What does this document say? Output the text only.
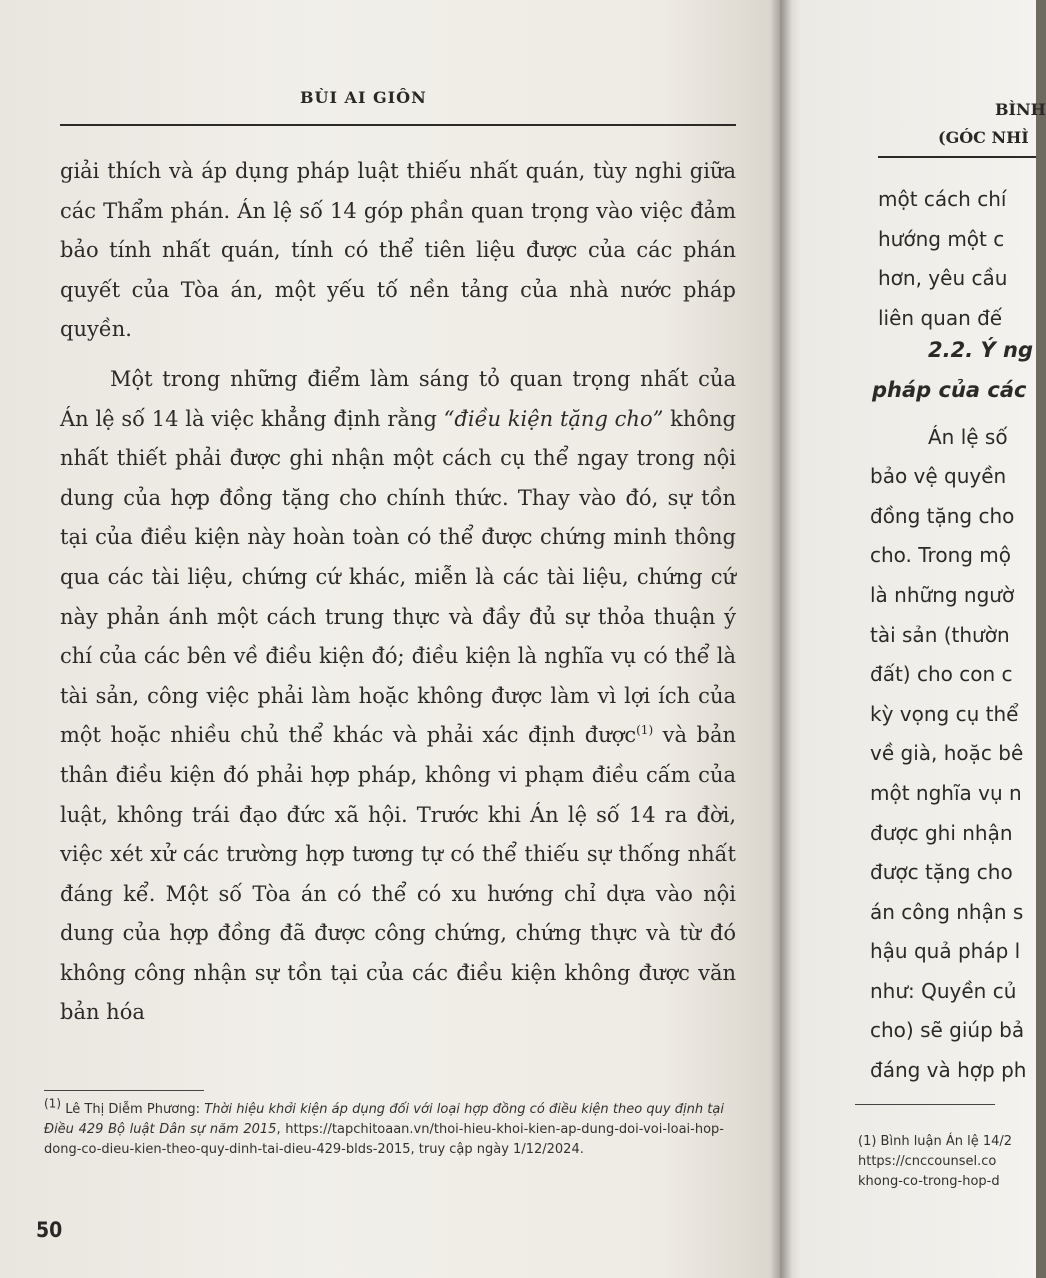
BÙI AI GIÔN

giải thích và áp dụng pháp luật thiếu nhất quán, tùy nghi giữa các Thẩm phán. Án lệ số 14 góp phần quan trọng vào việc đảm bảo tính nhất quán, tính có thể tiên liệu được của các phán quyết của Tòa án, một yếu tố nền tảng của nhà nước pháp quyền.

Một trong những điểm làm sáng tỏ quan trọng nhất của Án lệ số 14 là việc khẳng định rằng “điều kiện tặng cho” không nhất thiết phải được ghi nhận một cách cụ thể ngay trong nội dung của hợp đồng tặng cho chính thức. Thay vào đó, sự tồn tại của điều kiện này hoàn toàn có thể được chứng minh thông qua các tài liệu, chứng cứ khác, miễn là các tài liệu, chứng cứ này phản ánh một cách trung thực và đầy đủ sự thỏa thuận ý chí của các bên về điều kiện đó; điều kiện là nghĩa vụ có thể là tài sản, công việc phải làm hoặc không được làm vì lợi ích của một hoặc nhiều chủ thể khác và phải xác định được$^{(1)}$ và bản thân điều kiện đó phải hợp pháp, không vi phạm điều cấm của luật, không trái đạo đức xã hội. Trước khi Án lệ số 14 ra đời, việc xét xử các trường hợp tương tự có thể thiếu sự thống nhất đáng kể. Một số Tòa án có thể có xu hướng chỉ dựa vào nội dung của hợp đồng đã được công chứng, chứng thực và từ đó không công nhận sự tồn tại của các điều kiện không được văn bản hóa

$^{(1)}$ Lê Thị Diễm Phương: Thời hiệu khởi kiện áp dụng đối với loại hợp đồng có điều kiện theo quy định tại Điều 429 Bộ luật Dân sự năm 2015, https://tapchitoaan.vn/thoi-hieu-khoi-kien-ap-dung-doi-voi-loai-hop-dong-co-dieu-kien-theo-quy-dinh-tai-dieu-429-blds-2015, truy cập ngày 1/12/2024.
50
BÌNH
(GÓC NHÌ
một cách chí
hướng một c
hơn, yêu cầu
liên quan đế
2.2. Ý ng
pháp của các
Án lệ số
bảo vệ quyền
đồng tặng cho
cho. Trong mộ
là những ngườ
tài sản (thườn
đất) cho con c
kỳ vọng cụ thể
về già, hoặc bê
một nghĩa vụ n
được ghi nhận
được tặng cho
án công nhận s
hậu quả pháp l
như: Quyền củ
cho) sẽ giúp bả
đáng và hợp ph
(1) Bình luận Án lệ 14/2
https://cnccounsel.co
khong-co-trong-hop-d
